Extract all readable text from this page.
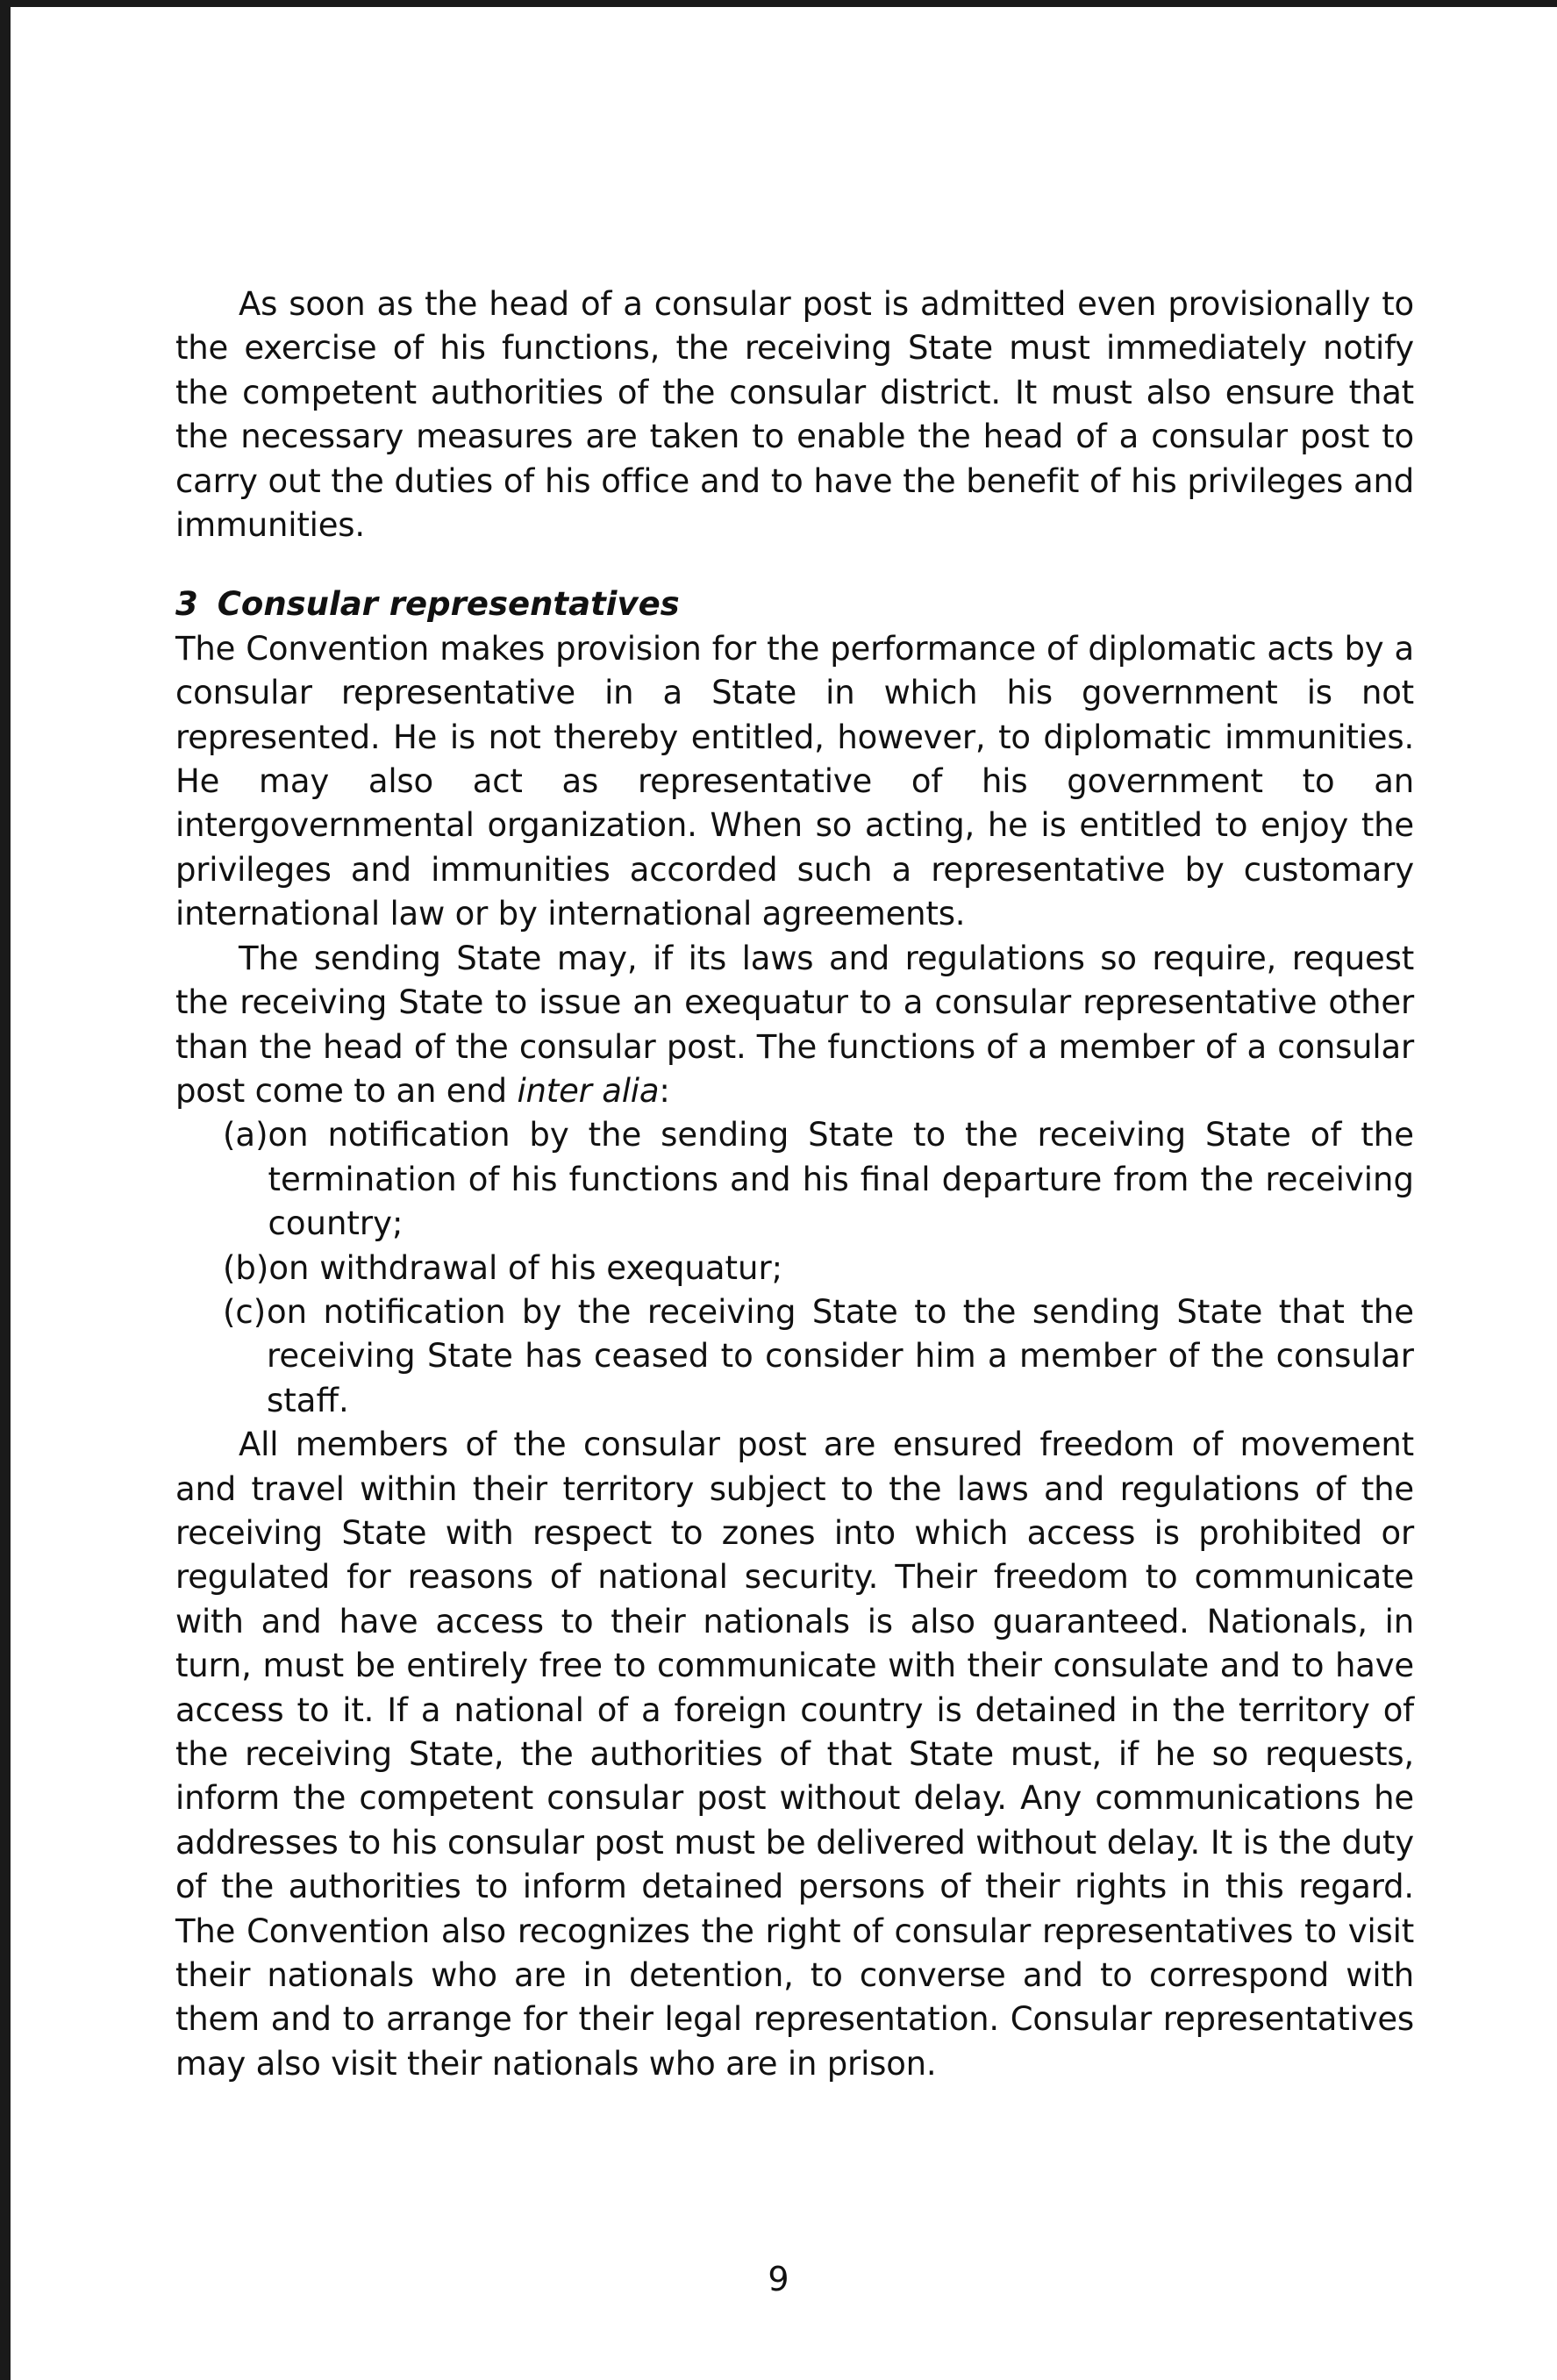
As soon as the head of a consular post is admitted even provisionally to the exercise of his functions, the receiving State must immediately notify the competent authorities of the consular district. It must also ensure that the necessary measures are taken to enable the head of a consular post to carry out the duties of his office and to have the benefit of his privileges and immunities.

3 Consular representatives

The Convention makes provision for the performance of diplomatic acts by a consular representative in a State in which his government is not represented. He is not thereby entitled, however, to diplomatic immunities. He may also act as representative of his government to an intergovernmental organization. When so acting, he is entitled to enjoy the privileges and immunities accorded such a representative by customary international law or by international agreements.

The sending State may, if its laws and regulations so require, request the receiving State to issue an exequatur to a consular representative other than the head of the consular post. The functions of a member of a consular post come to an end inter alia:

(a) on notification by the sending State to the receiving State of the termination of his functions and his final departure from the receiving country;
(b) on withdrawal of his exequatur;
(c) on notification by the receiving State to the sending State that the receiving State has ceased to consider him a member of the consular staff.

All members of the consular post are ensured freedom of movement and travel within their territory subject to the laws and regulations of the receiving State with respect to zones into which access is prohibited or regulated for reasons of national security. Their freedom to communicate with and have access to their nationals is also guaranteed. Nationals, in turn, must be entirely free to communicate with their consulate and to have access to it. If a national of a foreign country is detained in the territory of the receiving State, the authorities of that State must, if he so requests, inform the competent consular post without delay. Any communications he addresses to his consular post must be delivered without delay. It is the duty of the authorities to inform detained persons of their rights in this regard. The Convention also recognizes the right of consular representatives to visit their nationals who are in detention, to converse and to correspond with them and to arrange for their legal representation. Consular representatives may also visit their nationals who are in prison.

9
